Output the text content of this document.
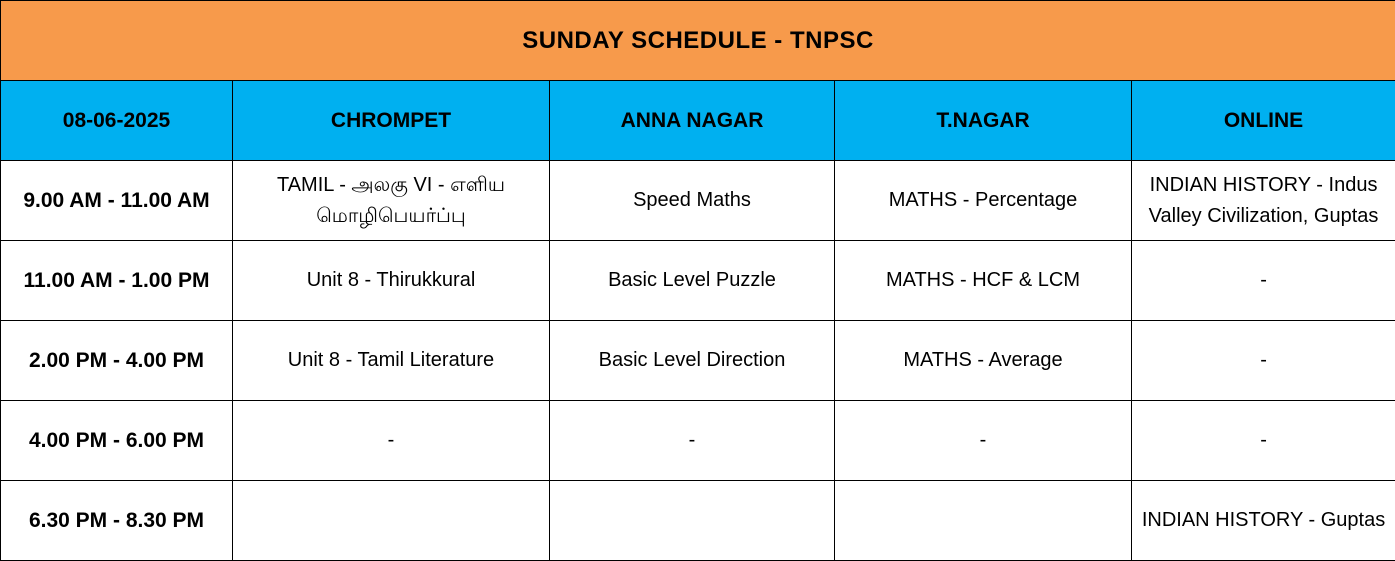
SUNDAY SCHEDULE - TNPSC				
08-06-2025	CHROMPET	ANNA NAGAR	T.NAGAR	ONLINE
9.00 AM - 11.00 AM	TAMIL - அலகு VI - எளிய மொழிபெயர்ப்பு	Speed Maths	MATHS - Percentage	INDIAN HISTORY - Indus Valley Civilization, Guptas
11.00 AM - 1.00 PM	Unit 8 - Thirukkural	Basic Level Puzzle	MATHS - HCF & LCM	-
2.00 PM - 4.00 PM	Unit 8 - Tamil Literature	Basic Level Direction	MATHS - Average	-
4.00 PM - 6.00 PM	-	-	-	-
6.30 PM - 8.30 PM				INDIAN HISTORY - Guptas
